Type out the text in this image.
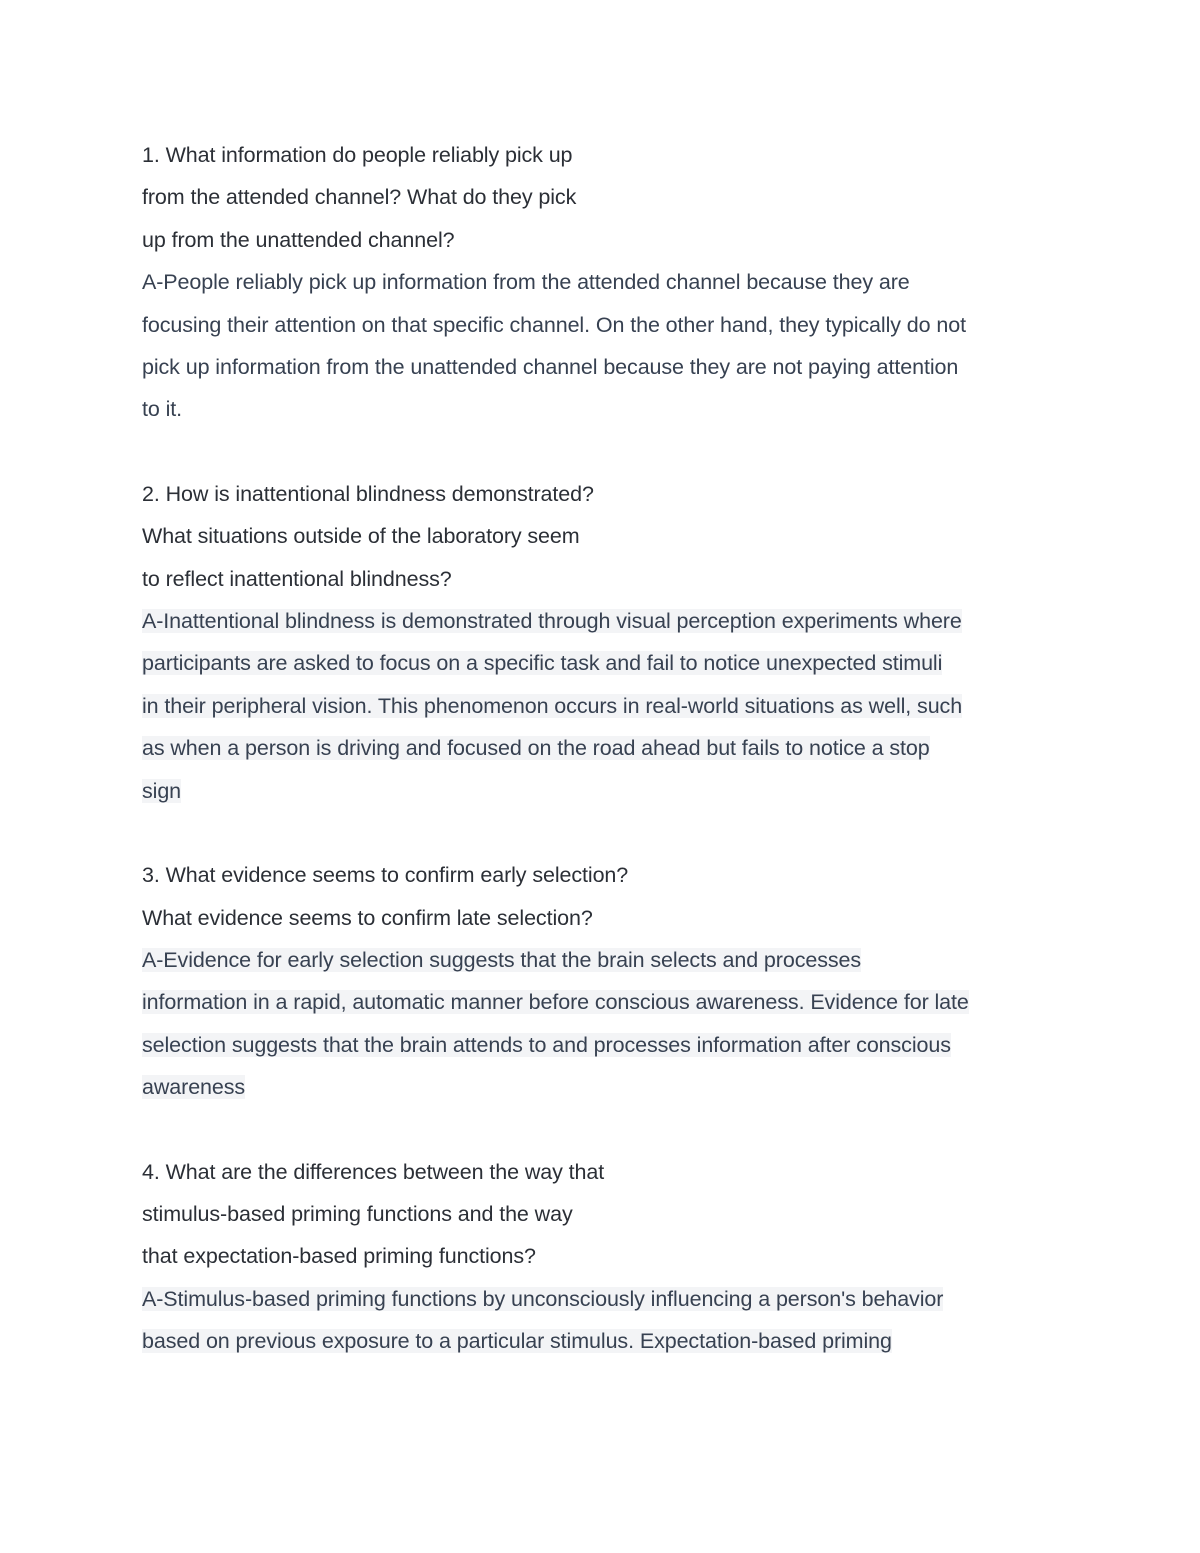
1. What information do people reliably pick up
from the attended channel? What do they pick
up from the unattended channel?
A-People reliably pick up information from the attended channel because they are
focusing their attention on that specific channel. On the other hand, they typically do not
pick up information from the unattended channel because they are not paying attention
to it.
2. How is inattentional blindness demonstrated?
What situations outside of the laboratory seem
to reflect inattentional blindness?
A-Inattentional blindness is demonstrated through visual perception experiments where
participants are asked to focus on a specific task and fail to notice unexpected stimuli
in their peripheral vision. This phenomenon occurs in real-world situations as well, such
as when a person is driving and focused on the road ahead but fails to notice a stop
sign
3. What evidence seems to confirm early selection?
What evidence seems to confirm late selection?
A-Evidence for early selection suggests that the brain selects and processes
information in a rapid, automatic manner before conscious awareness. Evidence for late
selection suggests that the brain attends to and processes information after conscious
awareness
4. What are the differences between the way that
stimulus-based priming functions and the way
that expectation-based priming functions?
A-Stimulus-based priming functions by unconsciously influencing a person's behavior
based on previous exposure to a particular stimulus. Expectation-based priming
